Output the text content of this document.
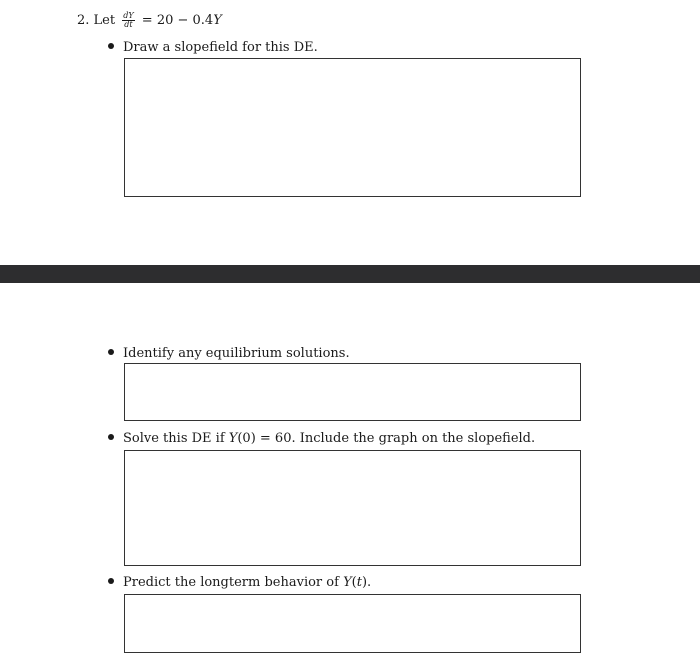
2. Let $\frac{dY}{dt} = 20 - 0.4Y$
Draw a slopefield for this DE.
Identify any equilibrium solutions.
Solve this DE if Y(0) = 60. Include the graph on the slopefield.
Predict the longterm behavior of Y(t).
